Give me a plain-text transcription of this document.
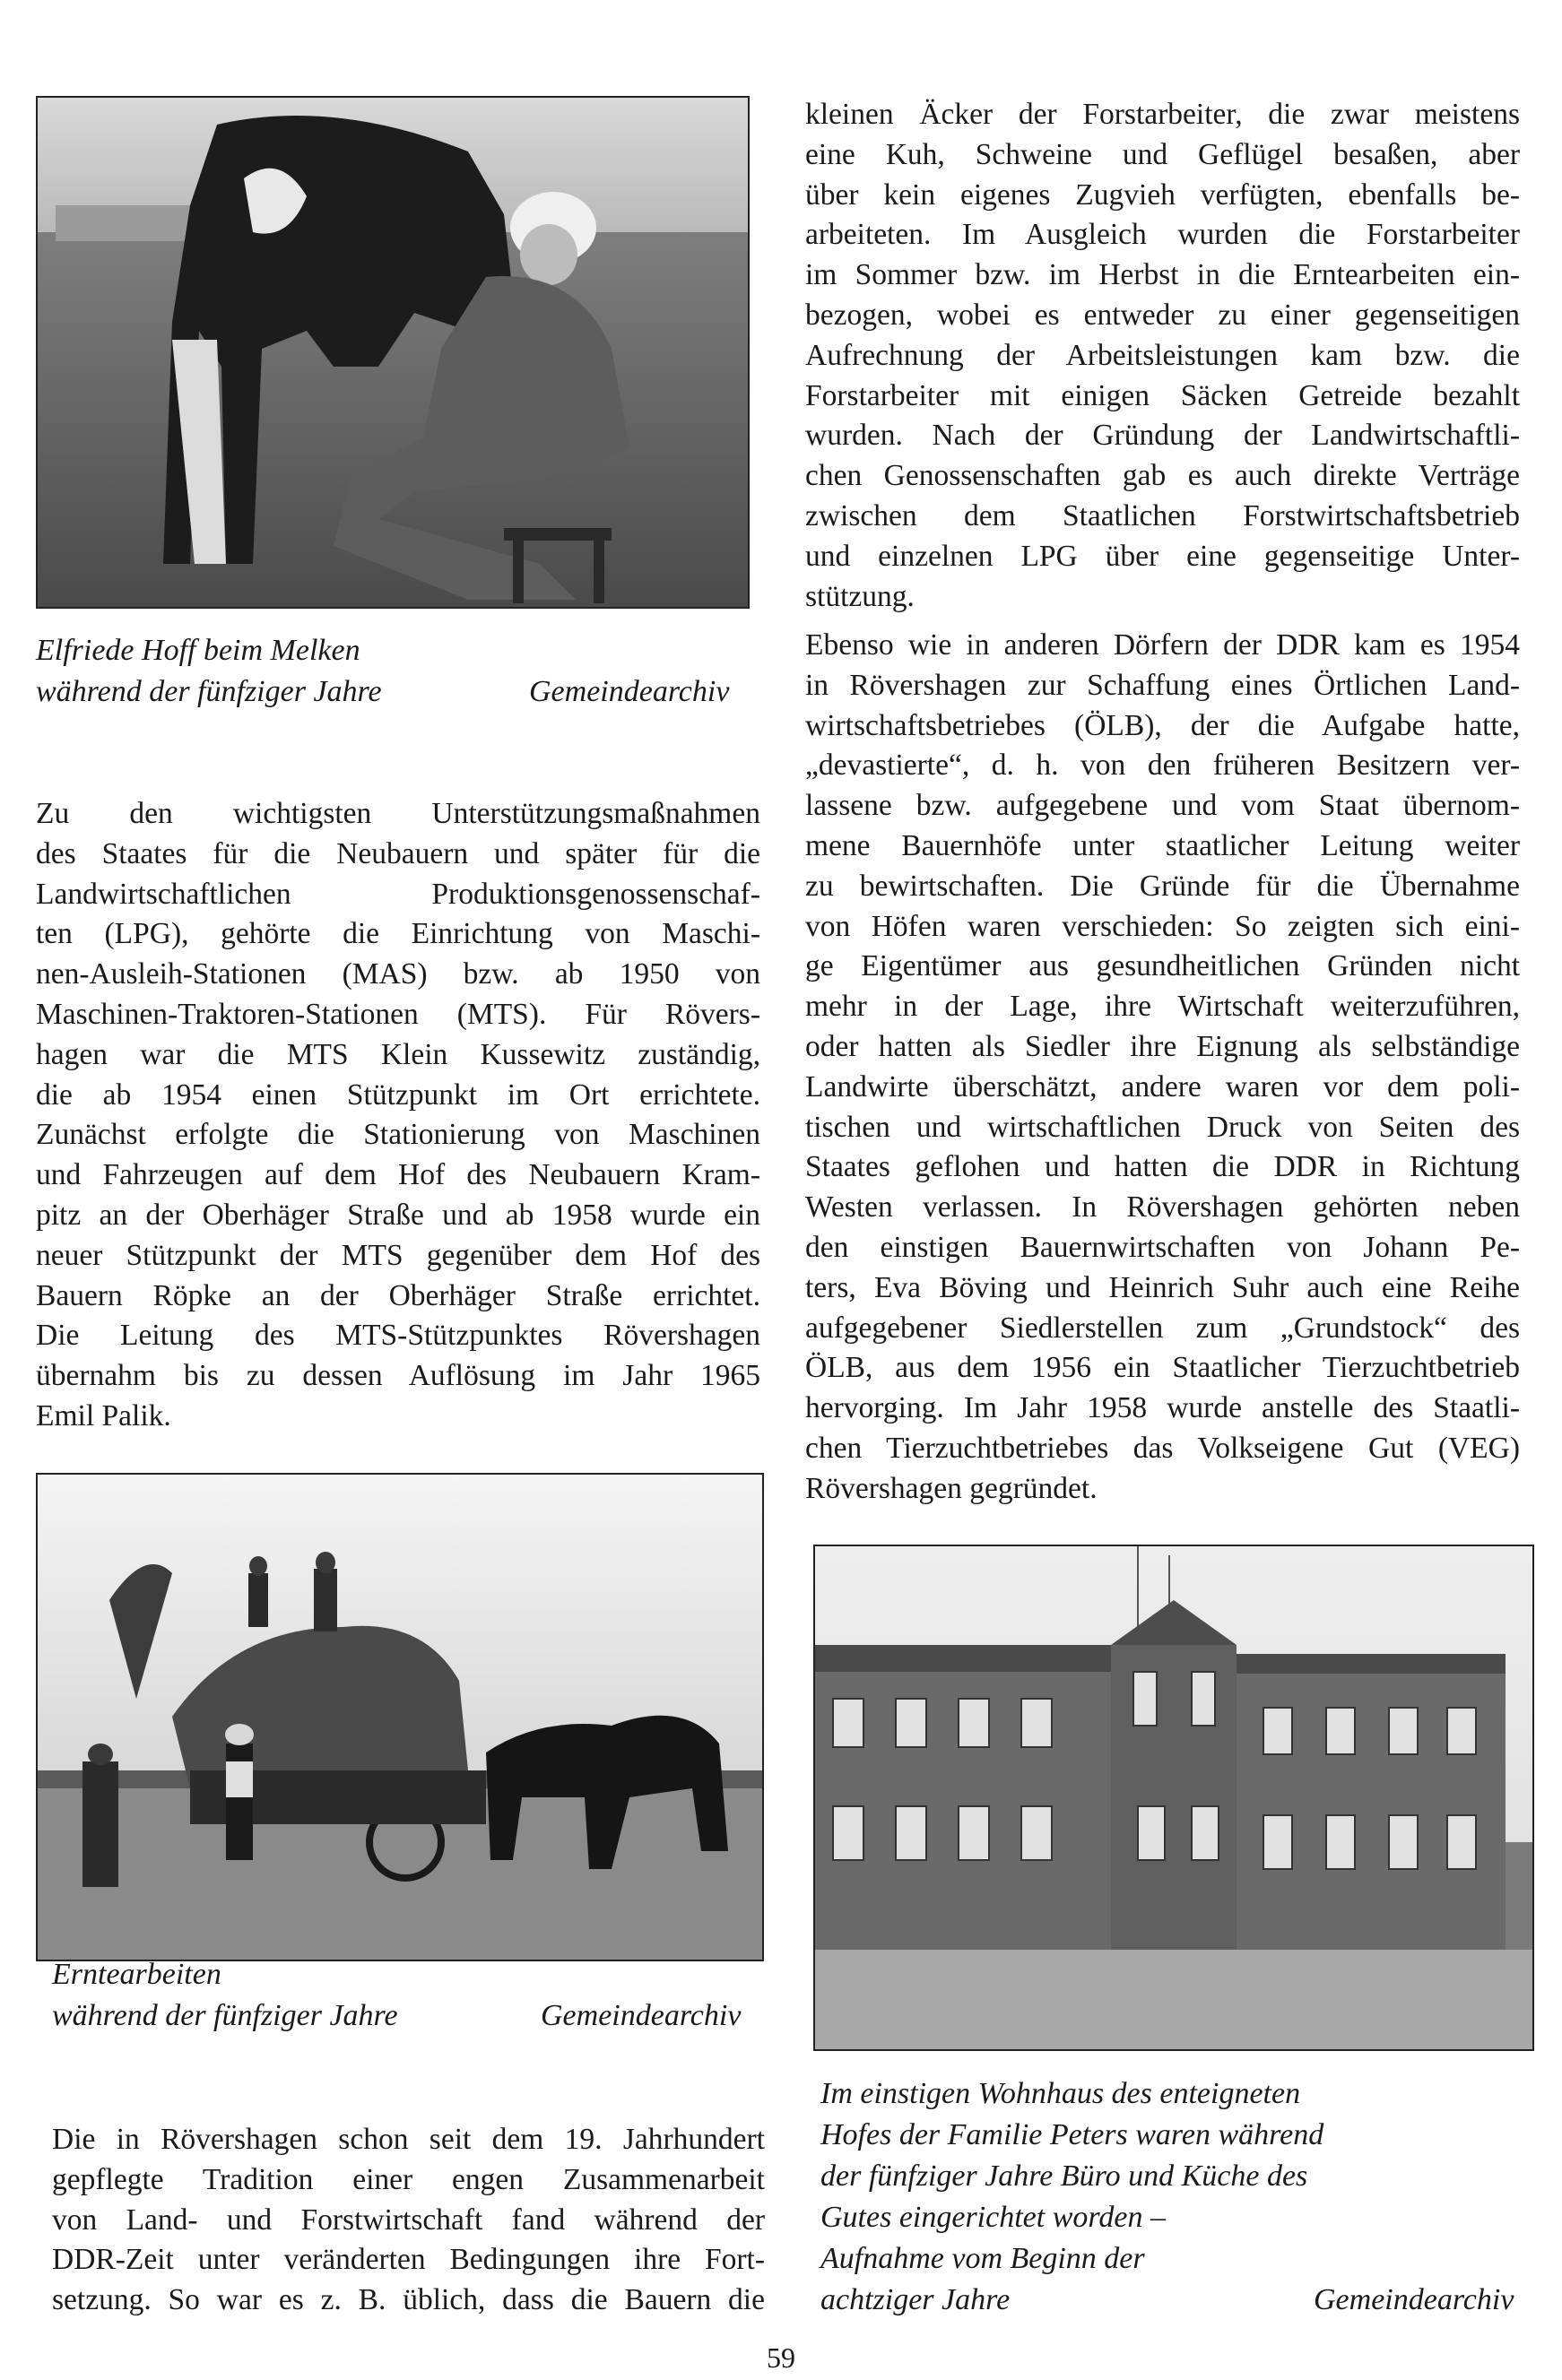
Elfriede Hoff beim Melken
während der fünfziger Jahre	Gemeindearchiv
Zu den wichtigsten Unterstützungsmaßnahmen
des Staates für die Neubauern und später für die
Landwirtschaftlichen Produktionsgenossenschaf-
ten (LPG), gehörte die Einrichtung von Maschi-
nen-Ausleih-Stationen (MAS) bzw. ab 1950 von
Maschinen-Traktoren-Stationen (MTS). Für Rövers-
hagen war die MTS Klein Kussewitz zuständig,
die ab 1954 einen Stützpunkt im Ort errichtete.
Zunächst erfolgte die Stationierung von Maschinen
und Fahrzeugen auf dem Hof des Neubauern Kram-
pitz an der Oberhäger Straße und ab 1958 wurde ein
neuer Stützpunkt der MTS gegenüber dem Hof des
Bauern Röpke an der Oberhäger Straße errichtet.
Die Leitung des MTS-Stützpunktes Rövershagen
übernahm bis zu dessen Auflösung im Jahr 1965
Emil Palik.
Erntearbeiten
während der fünfziger Jahre	Gemeindearchiv
Die in Rövershagen schon seit dem 19. Jahrhundert
gepflegte Tradition einer engen Zusammenarbeit
von Land- und Forstwirtschaft fand während der
DDR-Zeit unter veränderten Bedingungen ihre Fort-
setzung. So war es z. B. üblich, dass die Bauern die
kleinen Äcker der Forstarbeiter, die zwar meistens
eine Kuh, Schweine und Geflügel besaßen, aber
über kein eigenes Zugvieh verfügten, ebenfalls be-
arbeiteten. Im Ausgleich wurden die Forstarbeiter
im Sommer bzw. im Herbst in die Erntearbeiten ein-
bezogen, wobei es entweder zu einer gegenseitigen
Aufrechnung der Arbeitsleistungen kam bzw. die
Forstarbeiter mit einigen Säcken Getreide bezahlt
wurden. Nach der Gründung der Landwirtschaftli-
chen Genossenschaften gab es auch direkte Verträge
zwischen dem Staatlichen Forstwirtschaftsbetrieb
und einzelnen LPG über eine gegenseitige Unter-
stützung.
Ebenso wie in anderen Dörfern der DDR kam es 1954
in Rövershagen zur Schaffung eines Örtlichen Land-
wirtschaftsbetriebes (ÖLB), der die Aufgabe hatte,
„devastierte“, d. h. von den früheren Besitzern ver-
lassene bzw. aufgegebene und vom Staat übernom-
mene Bauernhöfe unter staatlicher Leitung weiter
zu bewirtschaften. Die Gründe für die Übernahme
von Höfen waren verschieden: So zeigten sich eini-
ge Eigentümer aus gesundheitlichen Gründen nicht
mehr in der Lage, ihre Wirtschaft weiterzuführen,
oder hatten als Siedler ihre Eignung als selbständige
Landwirte überschätzt, andere waren vor dem poli-
tischen und wirtschaftlichen Druck von Seiten des
Staates geflohen und hatten die DDR in Richtung
Westen verlassen. In Rövershagen gehörten neben
den einstigen Bauernwirtschaften von Johann Pe-
ters, Eva Böving und Heinrich Suhr auch eine Reihe
aufgegebener Siedlerstellen zum „Grundstock“ des
ÖLB, aus dem 1956 ein Staatlicher Tierzuchtbetrieb
hervorging. Im Jahr 1958 wurde anstelle des Staatli-
chen Tierzuchtbetriebes das Volkseigene Gut (VEG)
Rövershagen gegründet.
Im einstigen Wohnhaus des enteigneten
Hofes der Familie Peters waren während
der fünfziger Jahre Büro und Küche des
Gutes eingerichtet worden –
Aufnahme vom Beginn der
achtziger Jahre	Gemeindearchiv
59
